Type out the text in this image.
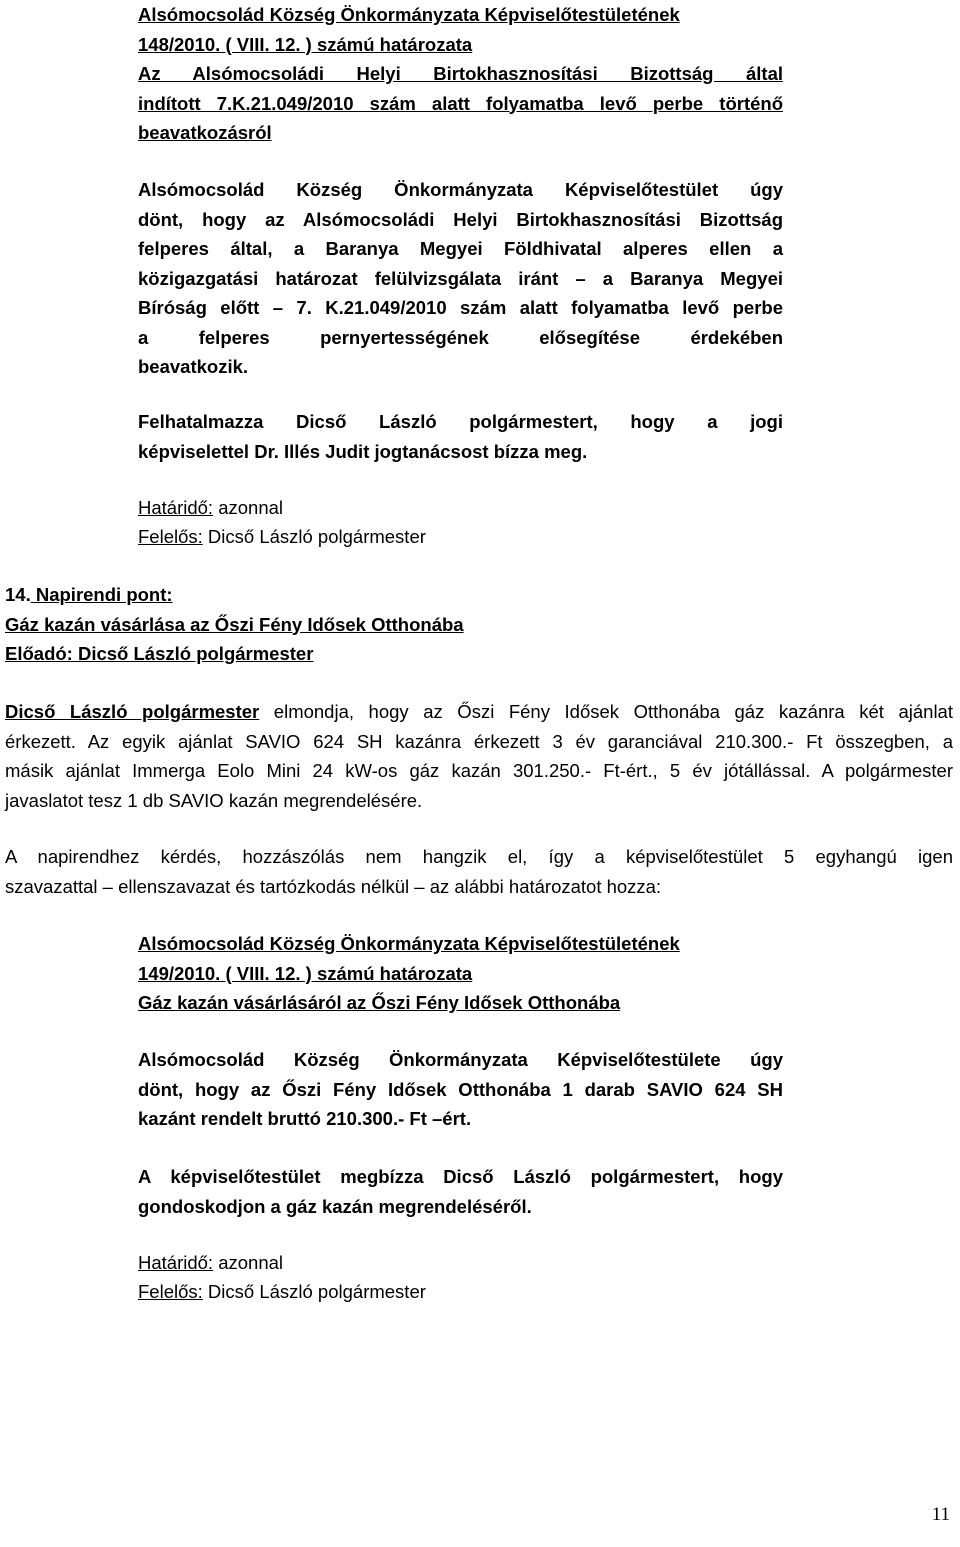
Alsómocsolád Község Önkormányzata Képviselőtestületének
148/2010. ( VIII. 12. ) számú határozata
Az Alsómocsoládi Helyi Birtokhasznosítási Bizottság által
indított 7.K.21.049/2010 szám alatt folyamatba levő perbe történő
beavatkozásról
Alsómocsolád Község Önkormányzata Képviselőtestület úgy
dönt, hogy az Alsómocsoládi Helyi Birtokhasznosítási Bizottság
felperes által, a Baranya Megyei Földhivatal alperes ellen a
közigazgatási határozat felülvizsgálata iránt – a Baranya Megyei
Bíróság előtt – 7. K.21.049/2010 szám alatt folyamatba levő perbe
a felperes pernyertességének elősegítése érdekében
beavatkozik.
Felhatalmazza Dicső László polgármestert, hogy a jogi
képviselettel Dr. Illés Judit jogtanácsost bízza meg.
Határidő: azonnal
Felelős: Dicső László polgármester
14. Napirendi pont:
Gáz kazán vásárlása az Őszi Fény Idősek Otthonába
Előadó: Dicső László polgármester
Dicső László polgármester elmondja, hogy az Őszi Fény Idősek Otthonába gáz kazánra két ajánlat
érkezett. Az egyik ajánlat SAVIO 624 SH kazánra érkezett 3 év garanciával 210.300.- Ft összegben, a
másik ajánlat Immerga Eolo Mini 24 kW-os gáz kazán 301.250.- Ft-ért., 5 év jótállással. A polgármester
javaslatot tesz 1 db SAVIO kazán megrendelésére.
A napirendhez kérdés, hozzászólás nem hangzik el, így a képviselőtestület 5 egyhangú igen
szavazattal – ellenszavazat és tartózkodás nélkül – az alábbi határozatot hozza:
Alsómocsolád Község Önkormányzata Képviselőtestületének
149/2010. ( VIII. 12. ) számú határozata
Gáz kazán vásárlásáról az Őszi Fény Idősek Otthonába
Alsómocsolád Község Önkormányzata Képviselőtestülete úgy
dönt, hogy az Őszi Fény Idősek Otthonába 1 darab SAVIO 624 SH
kazánt rendelt bruttó 210.300.- Ft –ért.
A képviselőtestület megbízza Dicső László polgármestert, hogy
gondoskodjon a gáz kazán megrendeléséről.
Határidő: azonnal
Felelős: Dicső László polgármester
11
